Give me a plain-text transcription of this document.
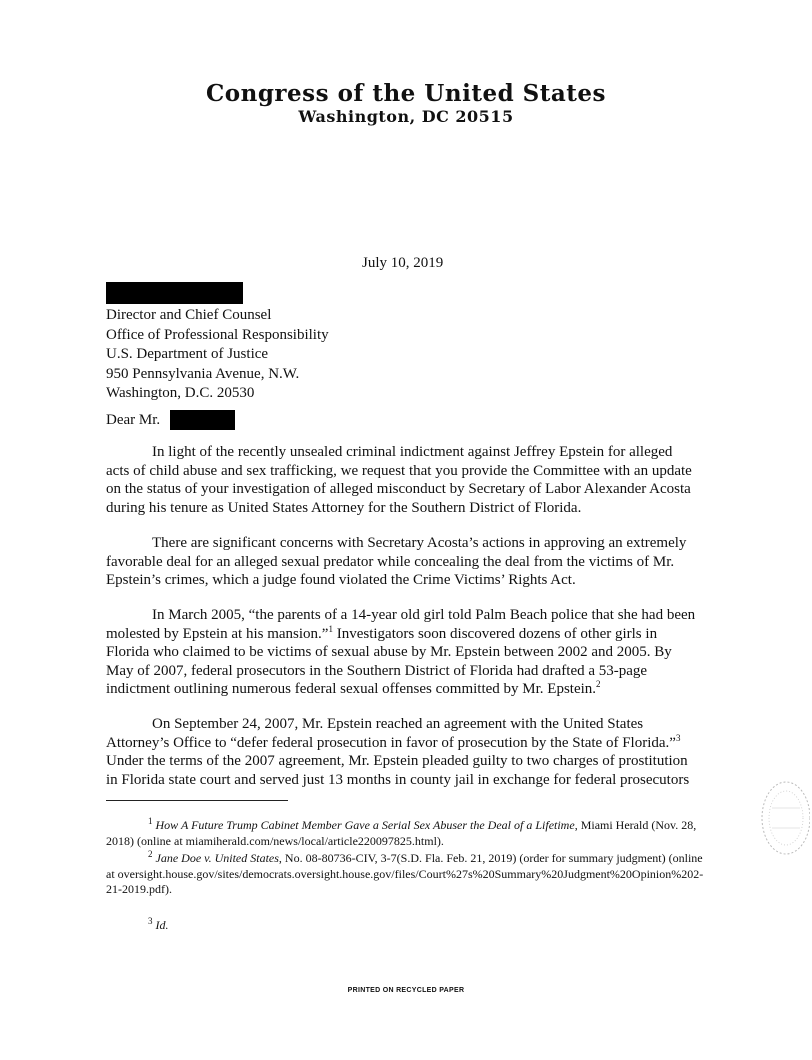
Congress of the United States
Washington, DC 20515
July 10, 2019
Director and Chief Counsel
Office of Professional Responsibility
U.S. Department of Justice
950 Pennsylvania Avenue, N.W.
Washington, D.C. 20530
Dear Mr.
In light of the recently unsealed criminal indictment against Jeffrey Epstein for alleged acts of child abuse and sex trafficking, we request that you provide the Committee with an update on the status of your investigation of alleged misconduct by Secretary of Labor Alexander Acosta during his tenure as United States Attorney for the Southern District of Florida.
There are significant concerns with Secretary Acosta’s actions in approving an extremely favorable deal for an alleged sexual predator while concealing the deal from the victims of Mr. Epstein’s crimes, which a judge found violated the Crime Victims’ Rights Act.
In March 2005, “the parents of a 14-year old girl told Palm Beach police that she had been molested by Epstein at his mansion.”$^1$ Investigators soon discovered dozens of other girls in Florida who claimed to be victims of sexual abuse by Mr. Epstein between 2002 and 2005. By May of 2007, federal prosecutors in the Southern District of Florida had drafted a 53-page indictment outlining numerous federal sexual offenses committed by Mr. Epstein.$^2$
On September 24, 2007, Mr. Epstein reached an agreement with the United States Attorney’s Office to “defer federal prosecution in favor of prosecution by the State of Florida.”$^3$ Under the terms of the 2007 agreement, Mr. Epstein pleaded guilty to two charges of prostitution in Florida state court and served just 13 months in county jail in exchange for federal prosecutors
$^1$ How A Future Trump Cabinet Member Gave a Serial Sex Abuser the Deal of a Lifetime, Miami Herald (Nov. 28, 2018) (online at miamiherald.com/news/local/article220097825.html).
$^2$ Jane Doe v. United States, No. 08-80736-CIV, 3-7(S.D. Fla. Feb. 21, 2019) (order for summary judgment) (online at oversight.house.gov/sites/democrats.oversight.house.gov/files/Court%27s%20Summary%20Judgment%20Opinion%202-21-2019.pdf).
$^3$ Id.
PRINTED ON RECYCLED PAPER
